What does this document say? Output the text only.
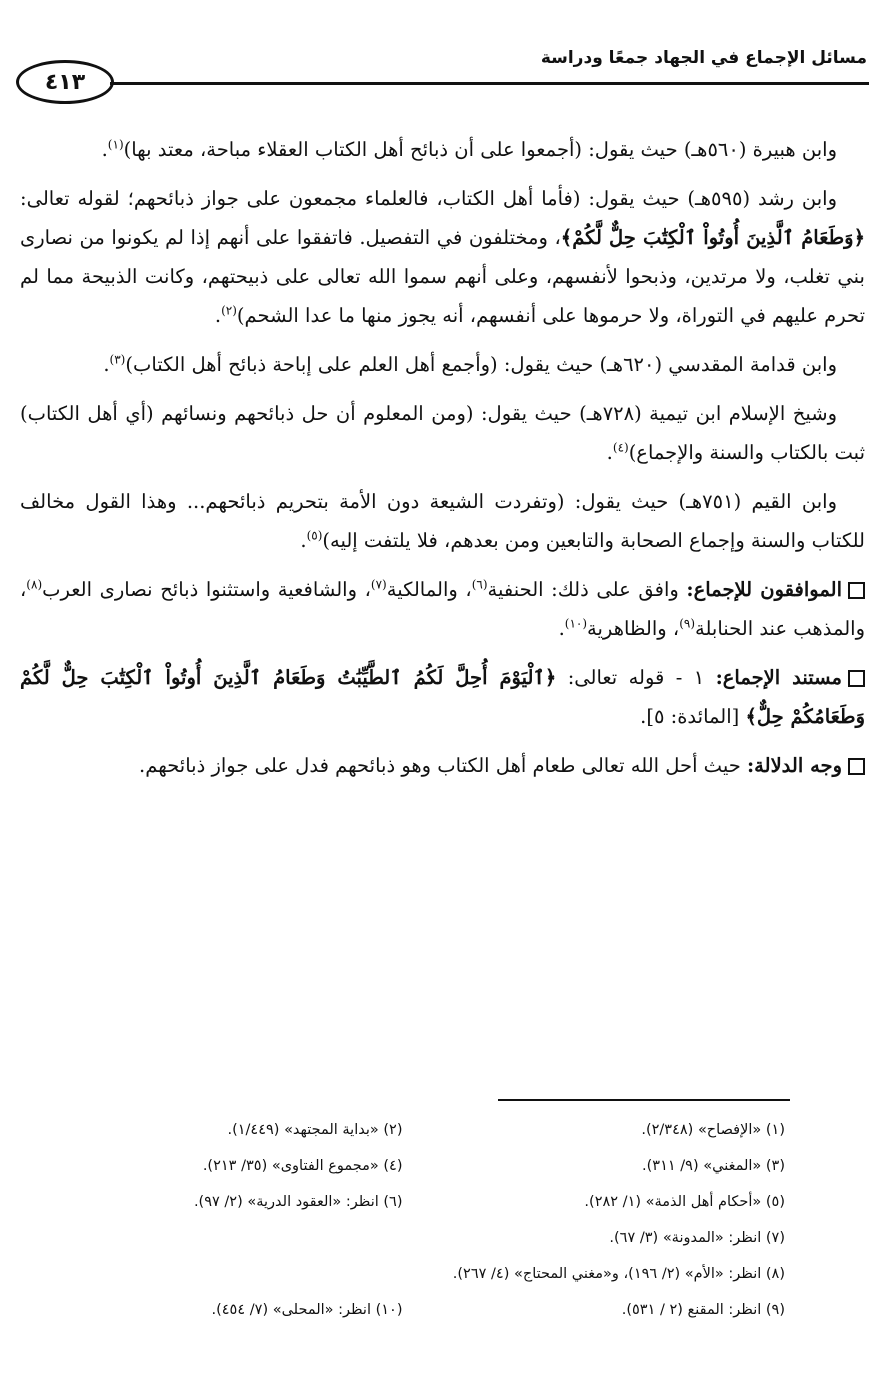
مسائل الإجماع في الجهاد جمعًا ودراسة
٤١٣

وابن هبيرة (٥٦٠هـ) حيث يقول: (أجمعوا على أن ذبائح أهل الكتاب العقلاء مباحة، معتد بها)$^{(١)}$.

وابن رشد (٥٩٥هـ) حيث يقول: (فأما أهل الكتاب، فالعلماء مجمعون على جواز ذبائحهم؛ لقوله تعالى: ﴿وَطَعَامُ ٱلَّذِينَ أُوتُواْ ٱلْكِتَٰبَ حِلٌّ لَّكُمْ﴾، ومختلفون في التفصيل. فاتفقوا على أنهم إذا لم يكونوا من نصارى بني تغلب، ولا مرتدين، وذبحوا لأنفسهم، وعلى أنهم سموا الله تعالى على ذبيحتهم، وكانت الذبيحة مما لم تحرم عليهم في التوراة، ولا حرموها على أنفسهم، أنه يجوز منها ما عدا الشحم)$^{(٢)}$.

وابن قدامة المقدسي (٦٢٠هـ) حيث يقول: (وأجمع أهل العلم على إباحة ذبائح أهل الكتاب)$^{(٣)}$.

وشيخ الإسلام ابن تيمية (٧٢٨هـ) حيث يقول: (ومن المعلوم أن حل ذبائحهم ونسائهم (أي أهل الكتاب) ثبت بالكتاب والسنة والإجماع)$^{(٤)}$.

وابن القيم (٧٥١هـ) حيث يقول: (وتفردت الشيعة دون الأمة بتحريم ذبائحهم... وهذا القول مخالف للكتاب والسنة وإجماع الصحابة والتابعين ومن بعدهم، فلا يلتفت إليه)$^{(٥)}$.

الموافقون للإجماع: وافق على ذلك: الحنفية$^{(٦)}$، والمالكية$^{(٧)}$، والشافعية واستثنوا ذبائح نصارى العرب$^{(٨)}$، والمذهب عند الحنابلة$^{(٩)}$، والظاهرية$^{(١٠)}$.

مستند الإجماع: ١ - قوله تعالى: ﴿ٱلْيَوْمَ أُحِلَّ لَكُمُ ٱلطَّيِّبَٰتُ وَطَعَامُ ٱلَّذِينَ أُوتُواْ ٱلْكِتَٰبَ حِلٌّ لَّكُمْ وَطَعَامُكُمْ حِلٌّ﴾ [المائدة: ٥].

وجه الدلالة: حيث أحل الله تعالى طعام أهل الكتاب وهو ذبائحهم فدل على جواز ذبائحهم.

(١) «الإفصاح» (٢/٣٤٨).
(٢) «بداية المجتهد» (١/٤٤٩).
(٣) «المغني» (٩/ ٣١١).
(٤) «مجموع الفتاوى» (٣٥/ ٢١٣).
(٥) «أحكام أهل الذمة» (١/ ٢٨٢).
(٦) انظر: «العقود الدرية» (٢/ ٩٧).
(٧) انظر: «المدونة» (٣/ ٦٧).
(٨) انظر: «الأم» (٢/ ١٩٦)، و«مغني المحتاج» (٤/ ٢٦٧).
(٩) انظر: المقنع (٢ / ٥٣١).
(١٠) انظر: «المحلى» (٧/ ٤٥٤).
